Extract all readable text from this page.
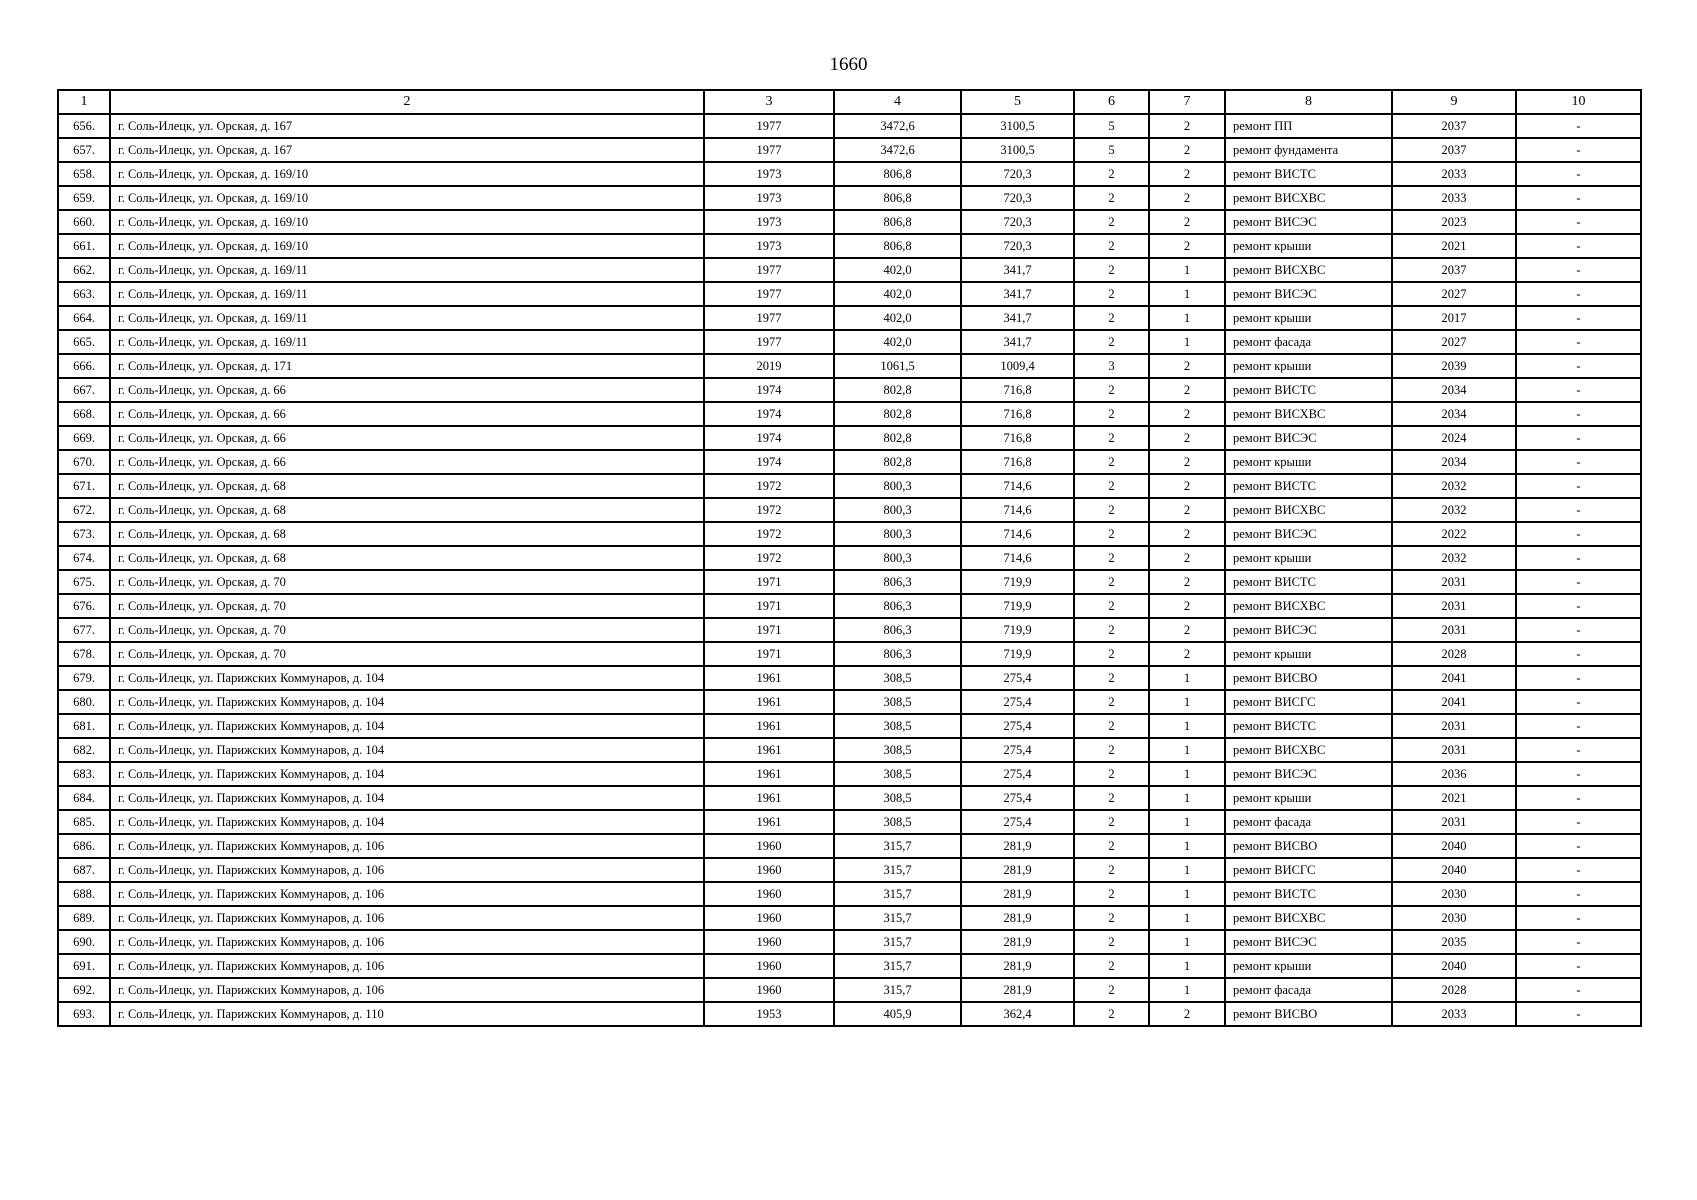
1660
1	2	3	4	5	6	7	8	9	10
656.	г. Соль-Илецк, ул. Орская, д. 167	1977	3472,6	3100,5	5	2	ремонт ПП	2037	-
657.	г. Соль-Илецк, ул. Орская, д. 167	1977	3472,6	3100,5	5	2	ремонт фундамента	2037	-
658.	г. Соль-Илецк, ул. Орская, д. 169/10	1973	806,8	720,3	2	2	ремонт ВИСТС	2033	-
659.	г. Соль-Илецк, ул. Орская, д. 169/10	1973	806,8	720,3	2	2	ремонт ВИСХВС	2033	-
660.	г. Соль-Илецк, ул. Орская, д. 169/10	1973	806,8	720,3	2	2	ремонт ВИСЭС	2023	-
661.	г. Соль-Илецк, ул. Орская, д. 169/10	1973	806,8	720,3	2	2	ремонт крыши	2021	-
662.	г. Соль-Илецк, ул. Орская, д. 169/11	1977	402,0	341,7	2	1	ремонт ВИСХВС	2037	-
663.	г. Соль-Илецк, ул. Орская, д. 169/11	1977	402,0	341,7	2	1	ремонт ВИСЭС	2027	-
664.	г. Соль-Илецк, ул. Орская, д. 169/11	1977	402,0	341,7	2	1	ремонт крыши	2017	-
665.	г. Соль-Илецк, ул. Орская, д. 169/11	1977	402,0	341,7	2	1	ремонт фасада	2027	-
666.	г. Соль-Илецк, ул. Орская, д. 171	2019	1061,5	1009,4	3	2	ремонт крыши	2039	-
667.	г. Соль-Илецк, ул. Орская, д. 66	1974	802,8	716,8	2	2	ремонт ВИСТС	2034	-
668.	г. Соль-Илецк, ул. Орская, д. 66	1974	802,8	716,8	2	2	ремонт ВИСХВС	2034	-
669.	г. Соль-Илецк, ул. Орская, д. 66	1974	802,8	716,8	2	2	ремонт ВИСЭС	2024	-
670.	г. Соль-Илецк, ул. Орская, д. 66	1974	802,8	716,8	2	2	ремонт крыши	2034	-
671.	г. Соль-Илецк, ул. Орская, д. 68	1972	800,3	714,6	2	2	ремонт ВИСТС	2032	-
672.	г. Соль-Илецк, ул. Орская, д. 68	1972	800,3	714,6	2	2	ремонт ВИСХВС	2032	-
673.	г. Соль-Илецк, ул. Орская, д. 68	1972	800,3	714,6	2	2	ремонт ВИСЭС	2022	-
674.	г. Соль-Илецк, ул. Орская, д. 68	1972	800,3	714,6	2	2	ремонт крыши	2032	-
675.	г. Соль-Илецк, ул. Орская, д. 70	1971	806,3	719,9	2	2	ремонт ВИСТС	2031	-
676.	г. Соль-Илецк, ул. Орская, д. 70	1971	806,3	719,9	2	2	ремонт ВИСХВС	2031	-
677.	г. Соль-Илецк, ул. Орская, д. 70	1971	806,3	719,9	2	2	ремонт ВИСЭС	2031	-
678.	г. Соль-Илецк, ул. Орская, д. 70	1971	806,3	719,9	2	2	ремонт крыши	2028	-
679.	г. Соль-Илецк, ул. Парижских Коммунаров, д. 104	1961	308,5	275,4	2	1	ремонт ВИСВО	2041	-
680.	г. Соль-Илецк, ул. Парижских Коммунаров, д. 104	1961	308,5	275,4	2	1	ремонт ВИСГС	2041	-
681.	г. Соль-Илецк, ул. Парижских Коммунаров, д. 104	1961	308,5	275,4	2	1	ремонт ВИСТС	2031	-
682.	г. Соль-Илецк, ул. Парижских Коммунаров, д. 104	1961	308,5	275,4	2	1	ремонт ВИСХВС	2031	-
683.	г. Соль-Илецк, ул. Парижских Коммунаров, д. 104	1961	308,5	275,4	2	1	ремонт ВИСЭС	2036	-
684.	г. Соль-Илецк, ул. Парижских Коммунаров, д. 104	1961	308,5	275,4	2	1	ремонт крыши	2021	-
685.	г. Соль-Илецк, ул. Парижских Коммунаров, д. 104	1961	308,5	275,4	2	1	ремонт фасада	2031	-
686.	г. Соль-Илецк, ул. Парижских Коммунаров, д. 106	1960	315,7	281,9	2	1	ремонт ВИСВО	2040	-
687.	г. Соль-Илецк, ул. Парижских Коммунаров, д. 106	1960	315,7	281,9	2	1	ремонт ВИСГС	2040	-
688.	г. Соль-Илецк, ул. Парижских Коммунаров, д. 106	1960	315,7	281,9	2	1	ремонт ВИСТС	2030	-
689.	г. Соль-Илецк, ул. Парижских Коммунаров, д. 106	1960	315,7	281,9	2	1	ремонт ВИСХВС	2030	-
690.	г. Соль-Илецк, ул. Парижских Коммунаров, д. 106	1960	315,7	281,9	2	1	ремонт ВИСЭС	2035	-
691.	г. Соль-Илецк, ул. Парижских Коммунаров, д. 106	1960	315,7	281,9	2	1	ремонт крыши	2040	-
692.	г. Соль-Илецк, ул. Парижских Коммунаров, д. 106	1960	315,7	281,9	2	1	ремонт фасада	2028	-
693.	г. Соль-Илецк, ул. Парижских Коммунаров, д. 110	1953	405,9	362,4	2	2	ремонт ВИСВО	2033	-
